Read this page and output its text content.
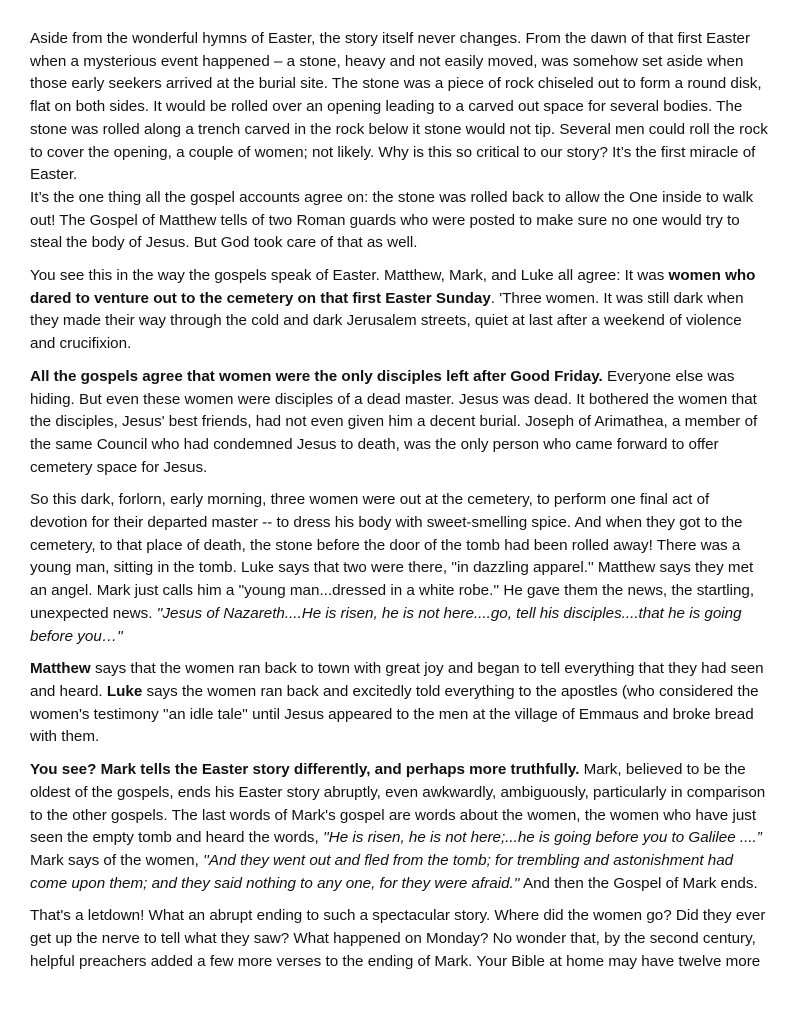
Aside from the wonderful hymns of Easter, the story itself never changes. From the dawn of that first Easter when a mysterious event happened – a stone, heavy and not easily moved, was somehow set aside when those early seekers arrived at the burial site. The stone was a piece of rock chiseled out to form a round disk, flat on both sides. It would be rolled over an opening leading to a carved out space for several bodies. The stone was rolled along a trench carved in the rock below it stone would not tip. Several men could roll the rock to cover the opening, a couple of women; not likely. Why is this so critical to our story? It’s the first miracle of Easter.

It’s the one thing all the gospel accounts agree on: the stone was rolled back to allow the One inside to walk out! The Gospel of Matthew tells of two Roman guards who were posted to make sure no one would try to steal the body of Jesus. But God took care of that as well.

You see this in the way the gospels speak of Easter. Matthew, Mark, and Luke all agree: It was women who dared to venture out to the cemetery on that first Easter Sunday. 'Three women. It was still dark when they made their way through the cold and dark Jerusalem streets, quiet at last after a weekend of violence and crucifixion.

All the gospels agree that women were the only disciples left after Good Friday. Everyone else was hiding. But even these women were disciples of a dead master. Jesus was dead. It bothered the women that the disciples, Jesus' best friends, had not even given him a decent burial. Joseph of Arimathea, a member of the same Council who had condemned Jesus to death, was the only person who came forward to offer cemetery space for Jesus.

So this dark, forlorn, early morning, three women were out at the cemetery, to perform one final act of devotion for their departed master -- to dress his body with sweet-smelling spice. And when they got to the cemetery, to that place of death, the stone before the door of the tomb had been rolled away! There was a young man, sitting in the tomb. Luke says that two were there, ''in dazzling apparel.'' Matthew says they met an angel. Mark just calls him a ''young man...dressed in a white robe.'' He gave them the news, the startling, unexpected news. ''Jesus of Nazareth....He is risen, he is not here....go, tell his disciples....that he is going before you…''

Matthew says that the women ran back to town with great joy and began to tell everything that they had seen and heard. Luke says the women ran back and excitedly told everything to the apostles (who considered the women's testimony ''an idle tale'' until Jesus appeared to the men at the village of Emmaus and broke bread with them.

You see? Mark tells the Easter story differently, and perhaps more truthfully. Mark, believed to be the oldest of the gospels, ends his Easter story abruptly, even awkwardly, ambiguously, particularly in comparison to the other gospels. The last words of Mark's gospel are words about the women, the women who have just seen the empty tomb and heard the words, ''He is risen, he is not here;...he is going before you to Galilee ....” Mark says of the women, ''And they went out and fled from the tomb; for trembling and astonishment had come upon them; and they said nothing to any one, for they were afraid.'' And then the Gospel of Mark ends.

That's a letdown! What an abrupt ending to such a spectacular story. Where did the women go? Did they ever get up the nerve to tell what they saw? What happened on Monday? No wonder that, by the second century, helpful preachers added a few more verses to the ending of Mark. Your Bible at home may have twelve more
